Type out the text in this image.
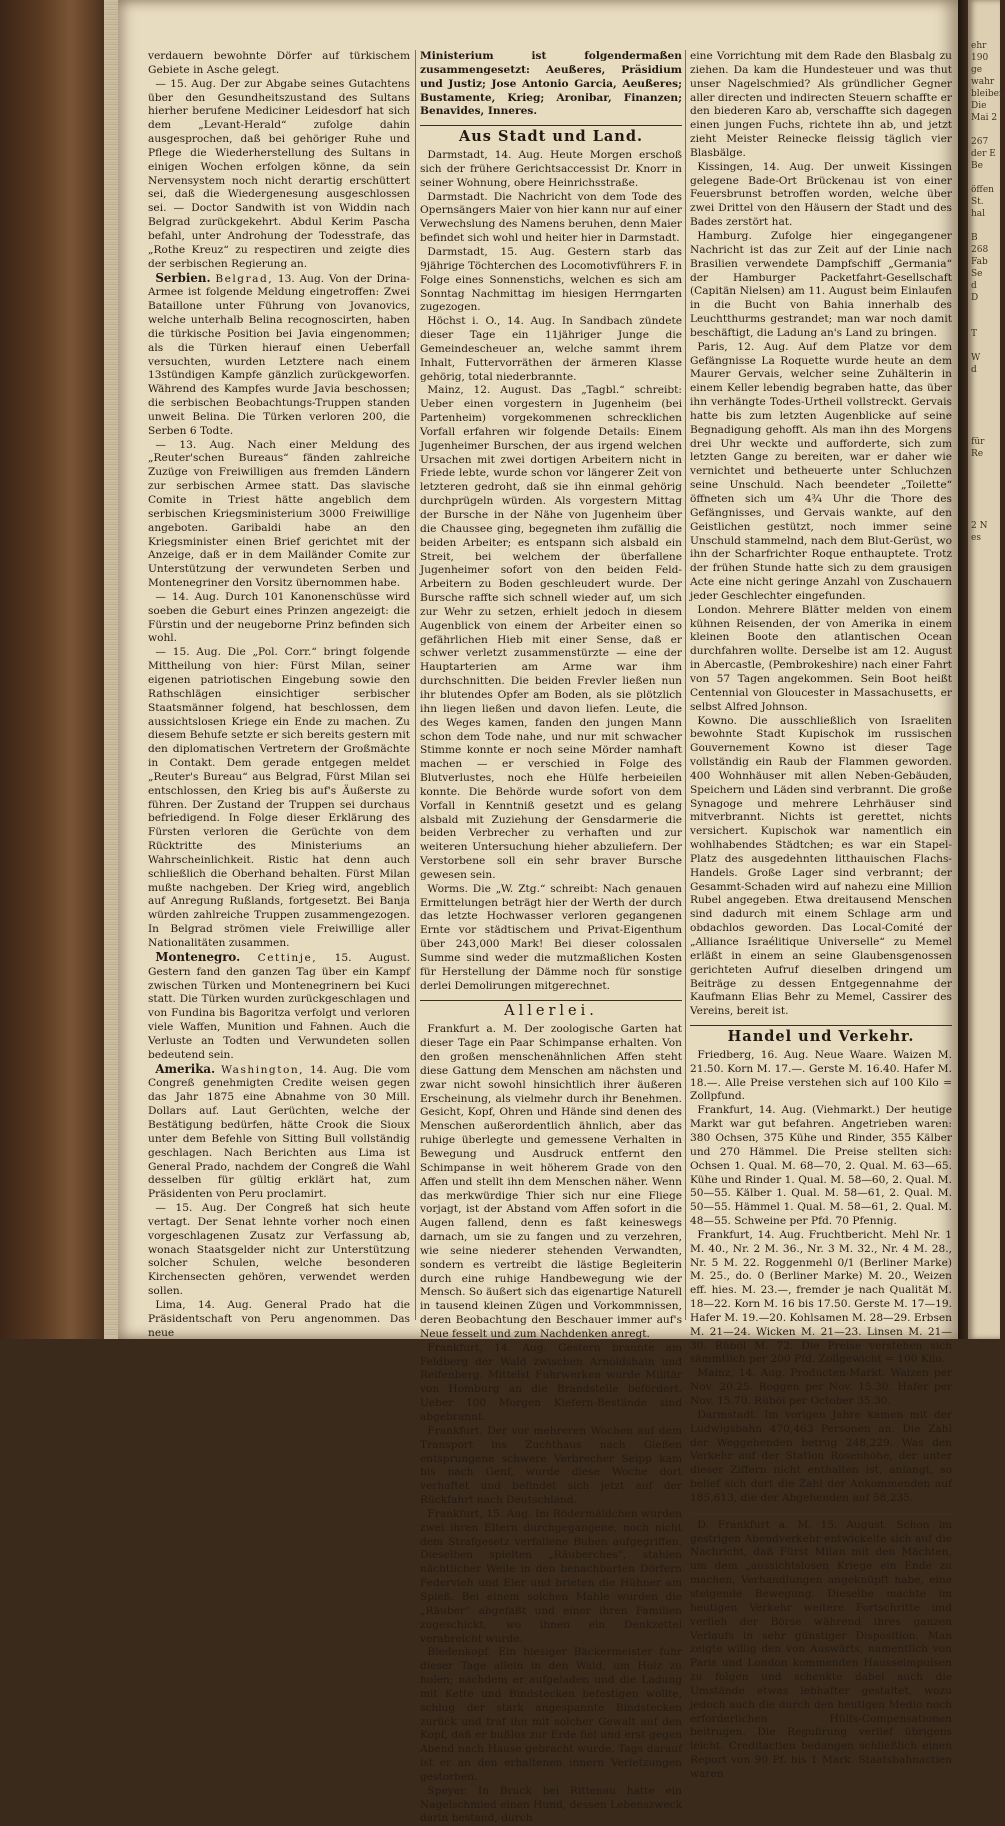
ehr
190 ge
wahr
bleiben
Die
Mai 2

267
der E
Be

öffen
St.
hal

B
268
Fab
Se
d
D

T

W
d

für
Re

2 N
es

verdauern bewohnte Dörfer auf türkischem Gebiete in Asche gelegt.

— 15. Aug. Der zur Abgabe seines Gutachtens über den Gesundheitszustand des Sultans hierher berufene Mediciner Leidesdorf hat sich dem „Levant-Herald“ zufolge dahin ausgesprochen, daß bei gehöriger Ruhe und Pflege die Wiederherstellung des Sultans in einigen Wochen erfolgen könne, da sein Nervensystem noch nicht derartig erschüttert sei, daß die Wiedergenesung ausgeschlossen sei. — Doctor Sandwith ist von Widdin nach Belgrad zurückgekehrt. Abdul Kerim Pascha befahl, unter Androhung der Todesstrafe, das „Rothe Kreuz“ zu respectiren und zeigte dies der serbischen Regierung an.

Serbien. Belgrad, 13. Aug. Von der Drina-Armee ist folgende Meldung eingetroffen: Zwei Bataillone unter Führung von Jovanovics, welche unterhalb Belina recognoscirten, haben die türkische Position bei Javia eingenommen; als die Türken hierauf einen Ueberfall versuchten, wurden Letztere nach einem 13stündigen Kampfe gänzlich zurückgeworfen. Während des Kampfes wurde Javia beschossen; die serbischen Beobachtungs-Truppen standen unweit Belina. Die Türken verloren 200, die Serben 6 Todte.

— 13. Aug. Nach einer Meldung des „Reuter'schen Bureaus“ fänden zahlreiche Zuzüge von Freiwilligen aus fremden Ländern zur serbischen Armee statt. Das slavische Comite in Triest hätte angeblich dem serbischen Kriegsministerium 3000 Freiwillige angeboten. Garibaldi habe an den Kriegsminister einen Brief gerichtet mit der Anzeige, daß er in dem Mailänder Comite zur Unterstützung der verwundeten Serben und Montenegriner den Vorsitz übernommen habe.

— 14. Aug. Durch 101 Kanonenschüsse wird soeben die Geburt eines Prinzen angezeigt: die Fürstin und der neugeborne Prinz befinden sich wohl.

— 15. Aug. Die „Pol. Corr.“ bringt folgende Mittheilung von hier: Fürst Milan, seiner eigenen patriotischen Eingebung sowie den Rathschlägen einsichtiger serbischer Staatsmänner folgend, hat beschlossen, dem aussichtslosen Kriege ein Ende zu machen. Zu diesem Behufe setzte er sich bereits gestern mit den diplomatischen Vertretern der Großmächte in Contakt. Dem gerade entgegen meldet „Reuter's Bureau“ aus Belgrad, Fürst Milan sei entschlossen, den Krieg bis auf's Äußerste zu führen. Der Zustand der Truppen sei durchaus befriedigend. In Folge dieser Erklärung des Fürsten verloren die Gerüchte von dem Rücktritte des Ministeriums an Wahrscheinlichkeit. Ristic hat denn auch schließlich die Oberhand behalten. Fürst Milan mußte nachgeben. Der Krieg wird, angeblich auf Anregung Rußlands, fortgesetzt. Bei Banja würden zahlreiche Truppen zusammengezogen. In Belgrad strömen viele Freiwillige aller Nationalitäten zusammen.

Montenegro. Cettinje, 15. August. Gestern fand den ganzen Tag über ein Kampf zwischen Türken und Montenegrinern bei Kuci statt. Die Türken wurden zurückgeschlagen und von Fundina bis Bagoritza verfolgt und verloren viele Waffen, Munition und Fahnen. Auch die Verluste an Todten und Verwundeten sollen bedeutend sein.

Amerika. Washington, 14. Aug. Die vom Congreß genehmigten Credite weisen gegen das Jahr 1875 eine Abnahme von 30 Mill. Dollars auf. Laut Gerüchten, welche der Bestätigung bedürfen, hätte Crook die Sioux unter dem Befehle von Sitting Bull vollständig geschlagen. Nach Berichten aus Lima ist General Prado, nachdem der Congreß die Wahl desselben für gültig erklärt hat, zum Präsidenten von Peru proclamirt.

— 15. Aug. Der Congreß hat sich heute vertagt. Der Senat lehnte vorher noch einen vorgeschlagenen Zusatz zur Verfassung ab, wonach Staatsgelder nicht zur Unterstützung solcher Schulen, welche besonderen Kirchensecten gehören, verwendet werden sollen.

Lima, 14. Aug. General Prado hat die Präsidentschaft von Peru angenommen. Das neue

Ministerium ist folgendermaßen zusammengesetzt: Aeußeres, Präsidium und Justiz; Jose Antonio Garcia, Aeußeres; Bustamente, Krieg; Aronibar, Finanzen; Benavides, Inneres.

Aus Stadt und Land.

Darmstadt, 14. Aug. Heute Morgen erschoß sich der frühere Gerichtsaccessist Dr. Knorr in seiner Wohnung, obere Heinrichsstraße.

Darmstadt. Die Nachricht von dem Tode des Opernsängers Maier von hier kann nur auf einer Verwechslung des Namens beruhen, denn Maier befindet sich wohl und heiter hier in Darmstadt.

Darmstadt, 15. Aug. Gestern starb das 9jährige Töchterchen des Locomotivführers F. in Folge eines Sonnenstichs, welchen es sich am Sonntag Nachmittag im hiesigen Herrngarten zugezogen.

Höchst i. O., 14. Aug. In Sandbach zündete dieser Tage ein 11jähriger Junge die Gemeindescheuer an, welche sammt ihrem Inhalt, Futtervorräthen der ärmeren Klasse gehörig, total niederbrannte.

Mainz, 12. August. Das „Tagbl.“ schreibt: Ueber einen vorgestern in Jugenheim (bei Partenheim) vorgekommenen schrecklichen Vorfall erfahren wir folgende Details: Einem Jugenheimer Burschen, der aus irgend welchen Ursachen mit zwei dortigen Arbeitern nicht in Friede lebte, wurde schon vor längerer Zeit von letzteren gedroht, daß sie ihn einmal gehörig durchprügeln würden. Als vorgestern Mittag der Bursche in der Nähe von Jugenheim über die Chaussee ging, begegneten ihm zufällig die beiden Arbeiter; es entspann sich alsbald ein Streit, bei welchem der überfallene Jugenheimer sofort von den beiden Feld-Arbeitern zu Boden geschleudert wurde. Der Bursche raffte sich schnell wieder auf, um sich zur Wehr zu setzen, erhielt jedoch in diesem Augenblick von einem der Arbeiter einen so gefährlichen Hieb mit einer Sense, daß er schwer verletzt zusammenstürzte — eine der Hauptarterien am Arme war ihm durchschnitten. Die beiden Frevler ließen nun ihr blutendes Opfer am Boden, als sie plötzlich ihn liegen ließen und davon liefen. Leute, die des Weges kamen, fanden den jungen Mann schon dem Tode nahe, und nur mit schwacher Stimme konnte er noch seine Mörder namhaft machen — er verschied in Folge des Blutverlustes, noch ehe Hülfe herbeieilen konnte. Die Behörde wurde sofort von dem Vorfall in Kenntniß gesetzt und es gelang alsbald mit Zuziehung der Gensdarmerie die beiden Verbrecher zu verhaften und zur weiteren Untersuchung hieher abzuliefern. Der Verstorbene soll ein sehr braver Bursche gewesen sein.

Worms. Die „W. Ztg.“ schreibt: Nach genauen Ermittelungen beträgt hier der Werth der durch das letzte Hochwasser verloren gegangenen Ernte vor städtischem und Privat-Eigenthum über 243,000 Mark! Bei dieser colossalen Summe sind weder die mutzmaßlichen Kosten für Herstellung der Dämme noch für sonstige derlei Demolirungen mitgerechnet.

Allerlei.

Frankfurt a. M. Der zoologische Garten hat dieser Tage ein Paar Schimpanse erhalten. Von den großen menschenähnlichen Affen steht diese Gattung dem Menschen am nächsten und zwar nicht sowohl hinsichtlich ihrer äußeren Erscheinung, als vielmehr durch ihr Benehmen. Gesicht, Kopf, Ohren und Hände sind denen des Menschen außerordentlich ähnlich, aber das ruhige überlegte und gemessene Verhalten in Bewegung und Ausdruck entfernt den Schimpanse in weit höherem Grade von den Affen und stellt ihn dem Menschen näher. Wenn das merkwürdige Thier sich nur eine Fliege vorjagt, ist der Abstand vom Affen sofort in die Augen fallend, denn es faßt keineswegs darnach, um sie zu fangen und zu verzehren, wie seine niederer stehenden Verwandten, sondern es vertreibt die lästige Begleiterin durch eine ruhige Handbewegung wie der Mensch. So äußert sich das eigenartige Naturell in tausend kleinen Zügen und Vorkommnissen, deren Beobachtung den Beschauer immer auf's Neue fesselt und zum Nachdenken anregt.

Frankfurt, 14. Aug. Gestern brannte am Feldberg der Wald zwischen Arnoldshain und Reifenberg. Mittelst Fuhrwerken wurde Militär von Homburg an die Brandstelle befördert. Ueber 100 Morgen Kiefern-Bestände sind abgebrannt.

Frankfurt. Der vor mehreren Wochen auf dem Transport ins Zuchthaus nach Gießen entsprungene schwere Verbrecher Seipp kam bis nach Genf, wurde diese Woche dort verhaftet und befindet sich jetzt auf der Rückfahrt nach Deutschland.

Frankfurt, 15. Aug. Im Rödermäldchen wurden zwei ihren Eltern durchgegangene, noch nicht dem Strafgesetz verfallene Buben aufgegriffen. Dieselben spielten „Räuberches“, stahlen nächtlicher Weile in den benachbarten Dörfern Federvieh und Eier und brieten die Hühner am Spieß. Bei einem solchen Mahle wurden die „Räuber“ abgefaßt und einer ihren Familien zugeschickt, wo ihnen ein Denkzettel verabreicht wurde.

Biedenkopf. Ein hiesiger Bäckermeister fuhr dieser Tage allein in den Wald, um Holz zu holen; nachdem er aufgeladen und die Ladung mit Kette und Bindstecken befestigen wollte, schlug der stark angespannte Bindstecken zurück und traf ihn mit solcher Gewalt auf den Kopf, daß er bußlos zur Erde fiel und erst gegen Abend nach Hause gebracht wurde. Tags darauf ist er an den erhaltenen innern Verletzungen gestorben.

Speyer. In Bruck bei Rittenau hatte ein Nagelschmied einen Hund, dessen Lebenszweck darin bestand, durch

eine Vorrichtung mit dem Rade den Blasbalg zu ziehen. Da kam die Hundesteuer und was thut unser Nagelschmied? Als gründlicher Gegner aller directen und indirecten Steuern schaffte er den biederen Karo ab, verschaffte sich dagegen einen jungen Fuchs, richtete ihn ab, und jetzt zieht Meister Reinecke fleissig täglich vier Blasbälge.

Kissingen, 14. Aug. Der unweit Kissingen gelegene Bade-Ort Brückenau ist von einer Feuersbrunst betroffen worden, welche über zwei Drittel von den Häusern der Stadt und des Bades zerstört hat.

Hamburg. Zufolge hier eingegangener Nachricht ist das zur Zeit auf der Linie nach Brasilien verwendete Dampfschiff „Germania“ der Hamburger Packetfahrt-Gesellschaft (Capitän Nielsen) am 11. August beim Einlaufen in die Bucht von Bahia innerhalb des Leuchtthurms gestrandet; man war noch damit beschäftigt, die Ladung an's Land zu bringen.

Paris, 12. Aug. Auf dem Platze vor dem Gefängnisse La Roquette wurde heute an dem Maurer Gervais, welcher seine Zuhälterin in einem Keller lebendig begraben hatte, das über ihn verhängte Todes-Urtheil vollstreckt. Gervais hatte bis zum letzten Augenblicke auf seine Begnadigung gehofft. Als man ihn des Morgens drei Uhr weckte und aufforderte, sich zum letzten Gange zu bereiten, war er daher wie vernichtet und betheuerte unter Schluchzen seine Unschuld. Nach beendeter „Toilette“ öffneten sich um 4¾ Uhr die Thore des Gefängnisses, und Gervais wankte, auf den Geistlichen gestützt, noch immer seine Unschuld stammelnd, nach dem Blut-Gerüst, wo ihn der Scharfrichter Roque enthauptete. Trotz der frühen Stunde hatte sich zu dem grausigen Acte eine nicht geringe Anzahl von Zuschauern jeder Geschlechter eingefunden.

London. Mehrere Blätter melden von einem kühnen Reisenden, der von Amerika in einem kleinen Boote den atlantischen Ocean durchfahren wollte. Derselbe ist am 12. August in Abercastle, (Pembrokeshire) nach einer Fahrt von 57 Tagen angekommen. Sein Boot heißt Centennial von Gloucester in Massachusetts, er selbst Alfred Johnson.

Kowno. Die ausschließlich von Israeliten bewohnte Stadt Kupischok im russischen Gouvernement Kowno ist dieser Tage vollständig ein Raub der Flammen geworden. 400 Wohnhäuser mit allen Neben-Gebäuden, Speichern und Läden sind verbrannt. Die große Synagoge und mehrere Lehrhäuser sind mitverbrannt. Nichts ist gerettet, nichts versichert. Kupischok war namentlich ein wohlhabendes Städtchen; es war ein Stapel-Platz des ausgedehnten litthauischen Flachs-Handels. Große Lager sind verbrannt; der Gesammt-Schaden wird auf nahezu eine Million Rubel angegeben. Etwa dreitausend Menschen sind dadurch mit einem Schlage arm und obdachlos geworden. Das Local-Comité der „Alliance Israélitique Universelle“ zu Memel erläßt in einem an seine Glaubensgenossen gerichteten Aufruf dieselben dringend um Beiträge zu dessen Entgegennahme der Kaufmann Elias Behr zu Memel, Cassirer des Vereins, bereit ist.

Handel und Verkehr.

Friedberg, 16. Aug. Neue Waare. Waizen M. 21.50. Korn M. 17.—. Gerste M. 16.40. Hafer M. 18.—. Alle Preise verstehen sich auf 100 Kilo = Zollpfund.

Frankfurt, 14. Aug. (Viehmarkt.) Der heutige Markt war gut befahren. Angetrieben waren: 380 Ochsen, 375 Kühe und Rinder, 355 Kälber und 270 Hämmel. Die Preise stellten sich: Ochsen 1. Qual. M. 68—70, 2. Qual. M. 63—65. Kühe und Rinder 1. Qual. M. 58—60, 2. Qual. M. 50—55. Kälber 1. Qual. M. 58—61, 2. Qual. M. 50—55. Hämmel 1. Qual. M. 58—61, 2. Qual. M. 48—55. Schweine per Pfd. 70 Pfennig.

Frankfurt, 14. Aug. Fruchtbericht. Mehl Nr. 1 M. 40., Nr. 2 M. 36., Nr. 3 M. 32., Nr. 4 M. 28., Nr. 5 M. 22. Roggenmehl 0/1 (Berliner Marke) M. 25., do. 0 (Berliner Marke) M. 20., Weizen eff. hies. M. 23.—, fremder je nach Qualität M. 18—22. Korn M. 16 bis 17.50. Gerste M. 17—19. Hafer M. 19.—20. Kohlsamen M. 28—29. Erbsen M. 21—24. Wicken M. 21—23. Linsen M. 21—30. Rüböl M. 72. Die Preise verstehen sich sämmtlich per 200 Pfd. Zollgewicht = 100 Kilo.

Mainz, 14. Aug. Producten-Markt. Waizen per Nov. 20.25. Roggen per Nov. 15.30. Hafer per Nov. 15.70. Rüböl per October 35.30.

Darmstadt. Im vorigen Jahre kamen mit der Ludwigsbahn 470,463 Personen an. Die Zahl der Weggehenden betrug 248,229. Was den Verkehr auf der Station Rosenhöhe, der unter dieser Ziffern nicht enthalten ist, anlangt, so belief sich dort die Zahl der Ankommenden auf 185,613, die der Abgehenden auf 58,235.

D. Frankfurt a. M. 15. August. Schon im gestrigen Abendverkehr entwickelte sich auf die Nachricht, daß Fürst Milan mit den Mächten, um dem „aussichtslosen Kriege ein Ende zu machen, Verhandlungen angeknüpft habe, eine steigende Bewegung. Dieselbe machte im heutigen Verkehr weitere Fortschritte und verlieh der Börse während ihres ganzen Verlaufs in sehr günstiger Disposition. Man zeigte willig den von Auswärts, namentlich von Paris und London kommenden Hausseimpulsen zu folgen und schenkte dabei auch die Umstände etwas lebhafter gestaltet, wozu jedoch auch die durch den heutigen Medio noch erforderlichen Hülfs-Compensationen beitrugen. Die Regulirung verlief übrigens leicht. Creditactien bedangen schließlich einen Report von 90 Pf. bis 1 Mark. Staatsbahnactien waren
